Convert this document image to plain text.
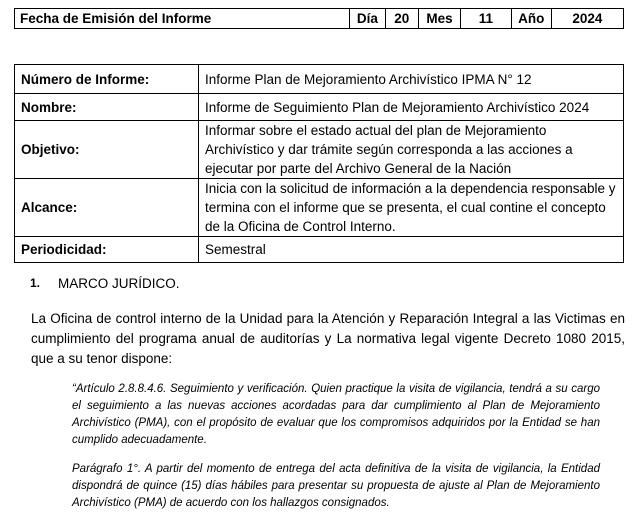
Fecha de Emisión del Informe	Día	20	Mes	11	Año	2024
Número de Informe:	Informe Plan de Mejoramiento Archivístico IPMA N° 12
Nombre:	Informe de Seguimiento Plan de Mejoramiento Archivístico 2024
Objetivo:	Informar sobre el estado actual del plan de Mejoramiento Archivístico y dar trámite según corresponda a las acciones a ejecutar por parte del Archivo General de la Nación
Alcance:	Inicia con la solicitud de información a la dependencia responsable y termina con el informe que se presenta, el cual contine el concepto de la Oficina de Control Interno.
Periodicidad:	Semestral
1. MARCO JURÍDICO.
La Oficina de control interno de la Unidad para la Atención y Reparación Integral a las Victimas en cumplimiento del programa anual de auditorías y La normativa legal vigente Decreto 1080 2015, que a su tenor dispone:
“Artículo 2.8.8.4.6. Seguimiento y verificación. Quien practique la visita de vigilancia, tendrá a su cargo el seguimiento a las nuevas acciones acordadas para dar cumplimiento al Plan de Mejoramiento Archivístico (PMA), con el propósito de evaluar que los compromisos adquiridos por la Entidad se han cumplido adecuadamente.
Parágrafo 1°. A partir del momento de entrega del acta definitiva de la visita de vigilancia, la Entidad dispondrá de quince (15) días hábiles para presentar su propuesta de ajuste al Plan de Mejoramiento Archivístico (PMA) de acuerdo con los hallazgos consignados.
